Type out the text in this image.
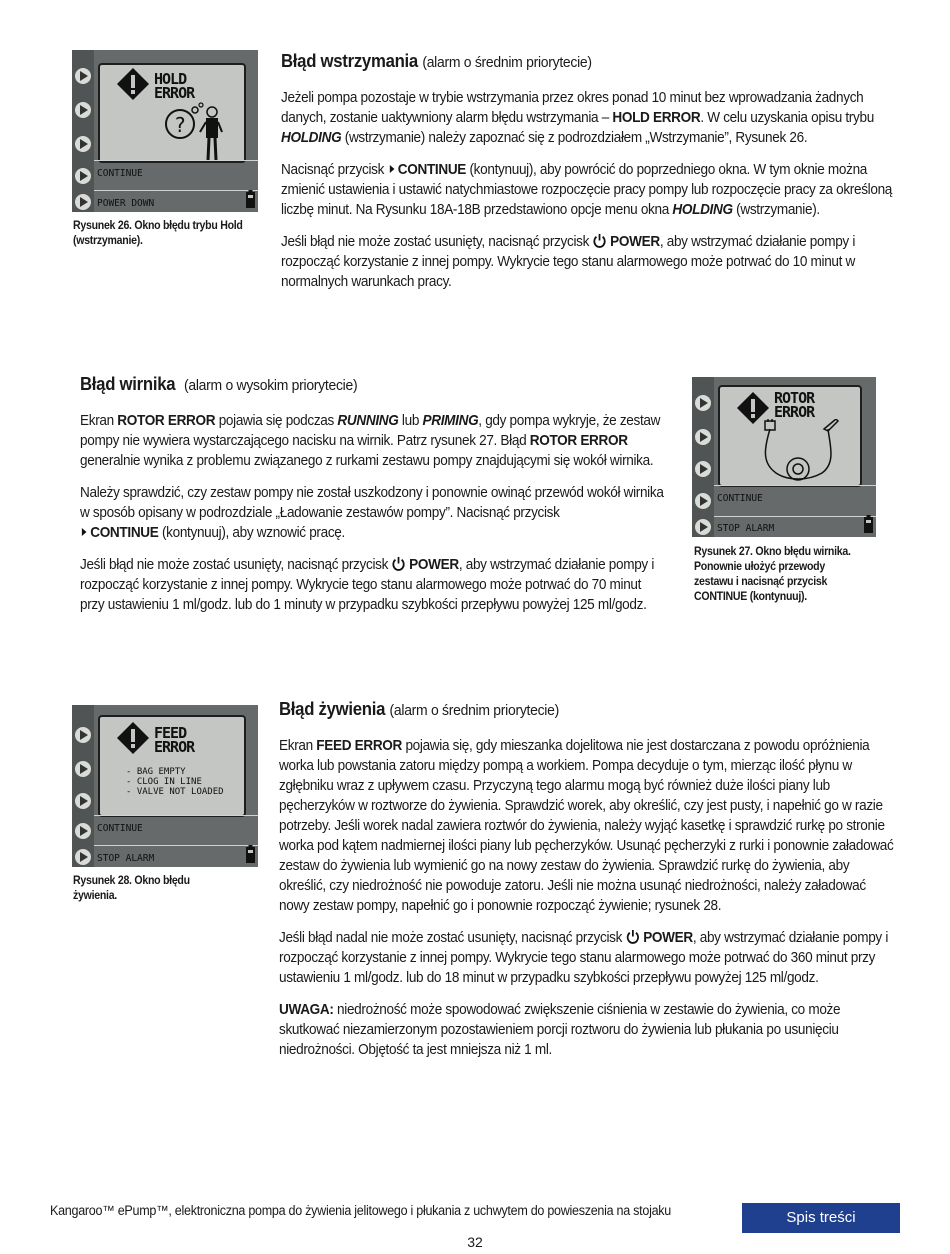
HOLD
ERROR
?
CONTINUE
POWER DOWN
Rysunek 26. Okno błędu trybu Hold (wstrzymanie).
Błąd wstrzymania (alarm o średnim priorytecie)

Jeżeli pompa pozostaje w trybie wstrzymania przez okres ponad 10 minut bez wprowadzania żadnych danych, zostanie uaktywniony alarm błędu wstrzymania – HOLD ERROR. W celu uzyskania opisu trybu HOLDING (wstrzymanie) należy zapoznać się z podrozdziałem „Wstrzymanie”, Rysunek 26.

Nacisnąć przycisk CONTINUE (kontynuuj), aby powrócić do poprzedniego okna. W tym oknie można zmienić ustawienia i ustawić natychmiastowe rozpoczęcie pracy pompy lub rozpoczęcie pracy za określoną liczbę minut. Na Rysunku 18A-18B przedstawiono opcje menu okna HOLDING (wstrzymanie).

Jeśli błąd nie może zostać usunięty, nacisnąć przycisk POWER, aby wstrzymać działanie pompy i rozpocząć korzystanie z innej pompy. Wykrycie tego stanu alarmowego może potrwać do 10 minut w normalnych warunkach pracy.

Błąd wirnika (alarm o wysokim priorytecie)

Ekran ROTOR ERROR pojawia się podczas RUNNING lub PRIMING, gdy pompa wykryje, że zestaw pompy nie wywiera wystarczającego nacisku na wirnik. Patrz rysunek 27. Błąd ROTOR ERROR generalnie wynika z problemu związanego z rurkami zestawu pompy znajdującymi się wokół wirnika.

Należy sprawdzić, czy zestaw pompy nie został uszkodzony i ponownie owinąć przewód wokół wirnika w sposób opisany w podrozdziale „Ładowanie zestawów pompy”. Nacisnąć przycisk
CONTINUE (kontynuuj), aby wznowić pracę.

Jeśli błąd nie może zostać usunięty, nacisnąć przycisk POWER, aby wstrzymać działanie pompy i rozpocząć korzystanie z innej pompy. Wykrycie tego stanu alarmowego może potrwać do 70 minut przy ustawieniu 1 ml/godz. lub do 1 minuty w przypadku szybkości przepływu powyżej 125 ml/godz.

ROTOR
ERROR
CONTINUE
STOP ALARM
Rysunek 27. Okno błędu wirnika. Ponownie ułożyć przewody zestawu i nacisnąć przycisk CONTINUE (kontynuuj).
FEED
ERROR
- BAG EMPTY
- CLOG IN LINE
- VALVE NOT LOADED
CONTINUE
STOP ALARM
Rysunek 28. Okno błędu żywienia.
Błąd żywienia (alarm o średnim priorytecie)

Ekran FEED ERROR pojawia się, gdy mieszanka dojelitowa nie jest dostarczana z powodu opróżnienia worka lub powstania zatoru między pompą a workiem. Pompa decyduje o tym, mierząc ilość płynu w zgłębniku wraz z upływem czasu. Przyczyną tego alarmu mogą być również duże ilości piany lub pęcherzyków w roztworze do żywienia. Sprawdzić worek, aby określić, czy jest pusty, i napełnić go w razie potrzeby. Jeśli worek nadal zawiera roztwór do żywienia, należy wyjąć kasetkę i sprawdzić rurkę po stronie worka pod kątem nadmiernej ilości piany lub pęcherzyków. Usunąć pęcherzyki z rurki i ponownie załadować zestaw do żywienia lub wymienić go na nowy zestaw do żywienia. Sprawdzić rurkę do żywienia, aby określić, czy niedrożność nie powoduje zatoru. Jeśli nie można usunąć niedrożności, należy załadować nowy zestaw pompy, napełnić go i ponownie rozpocząć żywienie; rysunek 28.

Jeśli błąd nadal nie może zostać usunięty, nacisnąć przycisk POWER, aby wstrzymać działanie pompy i rozpocząć korzystanie z innej pompy. Wykrycie tego stanu alarmowego może potrwać do 360 minut przy ustawieniu 1 ml/godz. lub do 18 minut w przypadku szybkości przepływu powyżej 125 ml/godz.

UWAGA: niedrożność może spowodować zwiększenie ciśnienia w zestawie do żywienia, co może skutkować niezamierzonym pozostawieniem porcji roztworu do żywienia lub płukania po usunięciu niedrożności. Objętość ta jest mniejsza niż 1 ml.

Kangaroo™ ePump™, elektroniczna pompa do żywienia jelitowego i płukania z uchwytem do powieszenia na stojaku	Spis treści
32
